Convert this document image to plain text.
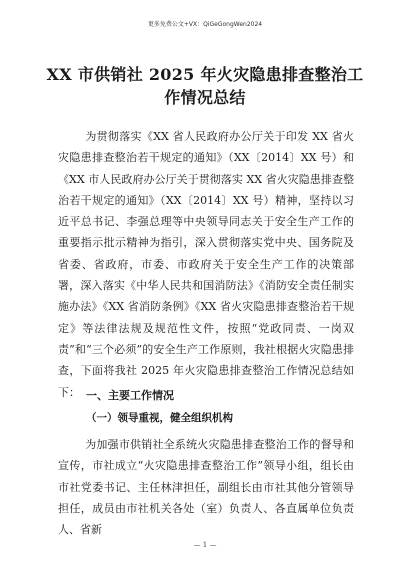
更多免费公文+VX：QiGeGongWen2024
XX 市供销社 2025 年火灾隐患排查整治工作情况总结
为贯彻落实《XX 省人民政府办公厅关于印发 XX 省火灾隐患排查整治若干规定的通知》（XX〔2014〕XX 号）和《XX 市人民政府办公厅关于贯彻落实 XX 省火灾隐患排查整治若干规定的通知》（XX〔2014〕XX 号）精神，坚持以习近平总书记、李强总理等中央领导同志关于安全生产工作的重要指示批示精神为指引，深入贯彻落实党中央、国务院及省委、省政府，市委、市政府关于安全生产工作的决策部署，深入落实《中华人民共和国消防法》《消防安全责任制实施办法》《XX 省消防条例》《XX 省火灾隐患排查整治若干规定》等法律法规及规范性文件，按照“党政同责、一岗双责”和“三个必须”的安全生产工作原则，我社根据火灾隐患排查，下面将我社 2025 年火灾隐患排查整治工作情况总结如下： 一、主要工作情况
（一）领导重视，健全组织机构
为加强市供销社全系统火灾隐患排查整治工作的督导和宣传，市社成立“火灾隐患排查整治工作”领导小组，组长由市社党委书记、主任林津担任，副组长由市社其他分管领导担任，成员由市社机关各处（室）负责人、各直属单位负责人、省新
— 1 —
